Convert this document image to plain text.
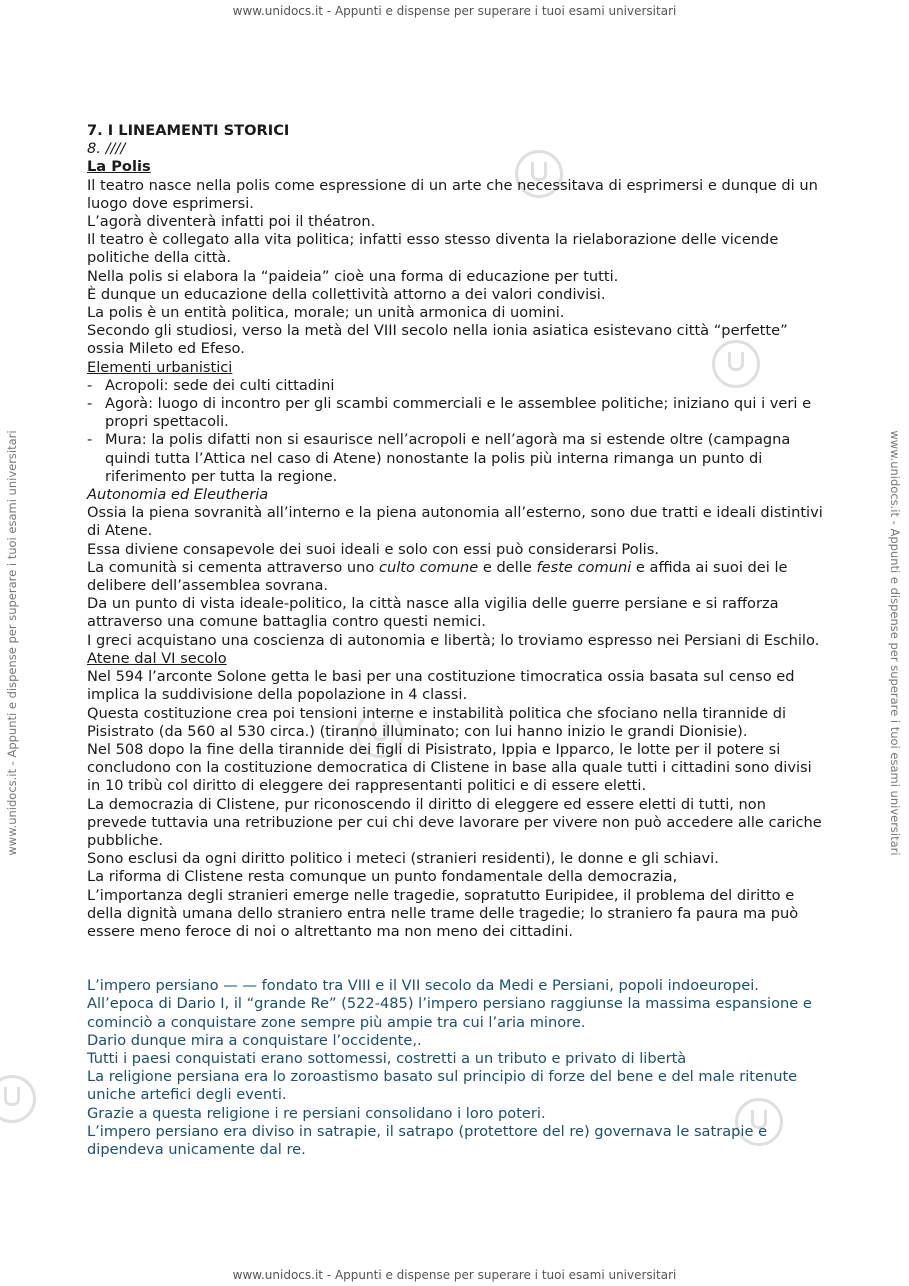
www.unidocs.it - Appunti e dispense per superare i tuoi esami universitari
www.unidocs.it - Appunti e dispense per superare i tuoi esami universitari
www.unidocs.it - Appunti e dispense per superare i tuoi esami universitari	www.unidocs.it - Appunti e dispense per superare i tuoi esami universitari

7. I LINEAMENTI STORICI

8. ////

La Polis

Il teatro nasce nella polis come espressione di un arte che necessitava di esprimersi e dunque di un luogo dove esprimersi.

L’agorà diventerà infatti poi il théatron.

Il teatro è collegato alla vita politica; infatti esso stesso diventa la rielaborazione delle vicende politiche della città.

Nella polis si elabora la “paideia” cioè una forma di educazione per tutti.

È dunque un educazione della collettività attorno a dei valori condivisi.

La polis è un entità politica, morale; un unità armonica di uomini.

Secondo gli studiosi, verso la metà del VIII secolo nella ionia asiatica esistevano città “perfette” ossia Mileto ed Efeso.

Elementi urbanistici

- Acropoli: sede dei culti cittadini
- Agorà: luogo di incontro per gli scambi commerciali e le assemblee politiche; iniziano qui i veri e propri spettacoli.
- Mura: la polis difatti non si esaurisce nell’acropoli e nell’agorà ma si estende oltre (campagna quindi tutta l’Attica nel caso di Atene) nonostante la polis più interna rimanga un punto di riferimento per tutta la regione.

Autonomia ed Eleutheria

Ossia la piena sovranità all’interno e la piena autonomia all’esterno, sono due tratti e ideali distintivi di Atene.

Essa diviene consapevole dei suoi ideali e solo con essi può considerarsi Polis.

La comunità si cementa attraverso uno culto comune e delle feste comuni e affida ai suoi dei le delibere dell’assemblea sovrana.

Da un punto di vista ideale-politico, la città nasce alla vigilia delle guerre persiane e si rafforza attraverso una comune battaglia contro questi nemici.

I greci acquistano una coscienza di autonomia e libertà; lo troviamo espresso nei Persiani di Eschilo.

Atene dal VI secolo

Nel 594 l’arconte Solone getta le basi per una costituzione timocratica ossia basata sul censo ed implica la suddivisione della popolazione in 4 classi.

Questa costituzione crea poi tensioni interne e instabilità politica che sfociano nella tirannide di Pisistrato (da 560 al 530 circa.) (tiranno illuminato; con lui hanno inizio le grandi Dionisie).

Nel 508 dopo la fine della tirannide dei figli di Pisistrato, Ippia e Ipparco, le lotte per il potere si concludono con la costituzione democratica di Clistene in base alla quale tutti i cittadini sono divisi in 10 tribù col diritto di eleggere dei rappresentanti politici e di essere eletti.

La democrazia di Clistene, pur riconoscendo il diritto di eleggere ed essere eletti di tutti, non prevede tuttavia una retribuzione per cui chi deve lavorare per vivere non può accedere alle cariche pubbliche.

Sono esclusi da ogni diritto politico i meteci (stranieri residenti), le donne e gli schiavi.

La riforma di Clistene resta comunque un punto fondamentale della democrazia,

L’importanza degli stranieri emerge nelle tragedie, sopratutto Euripidee, il problema del diritto e della dignità umana dello straniero entra nelle trame delle tragedie; lo straniero fa paura ma può essere meno feroce di noi o altrettanto ma non meno dei cittadini.

L’impero persiano — — fondato tra VIII e il VII secolo da Medi e Persiani, popoli indoeuropei.

All’epoca di Dario I, il “grande Re” (522-485) l’impero persiano raggiunse la massima espansione e cominciò a conquistare zone sempre più ampie tra cui l’aria minore.

Dario dunque mira a conquistare l’occidente,.

Tutti i paesi conquistati erano sottomessi, costretti a un tributo e privato di libertà

La religione persiana era lo zoroastismo basato sul principio di forze del bene e del male ritenute uniche artefici degli eventi.

Grazie a questa religione i re persiani consolidano i loro poteri.

L’impero persiano era diviso in satrapie, il satrapo (protettore del re) governava le satrapie e dipendeva unicamente dal re.
